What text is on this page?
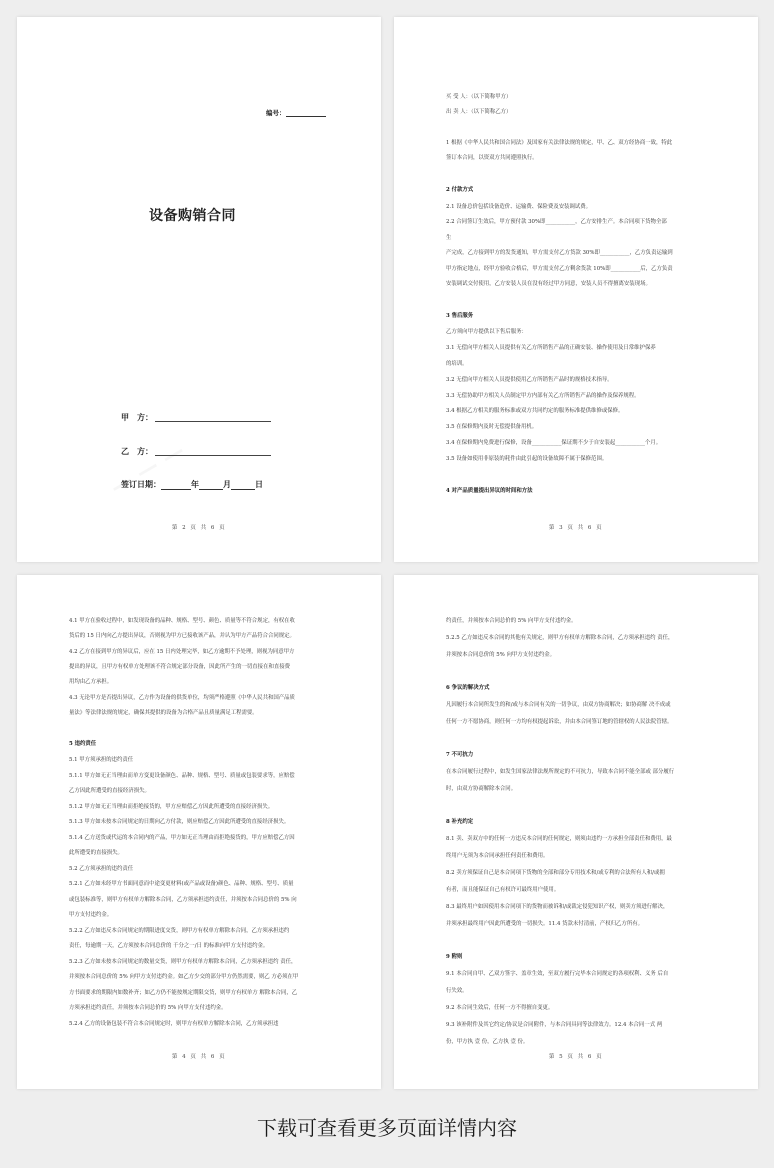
编号：
设备购销合同
甲　方：
乙　方：
签订日期：	年	月	日
第 2 页 共 6 页
买 受 人：（以下简称甲方）
出 卖 人：（以下简称乙方）
1 根据《中华人民共和国合同法》及国家有关法律法规的规定，甲、乙、双方经协商一致，特此
签订本合同，以资双方共同遵照执行。
2 付款方式
2.1 设备总价包括设备造价、运输费、保险费及安装调试费。
2.2 合同签订生效后，甲方预付款 30%即___________，乙方安排生产。本合同项下货物全部
生
产完成，乙方接到甲方的发货通知，甲方需支付乙方货款 30%即___________，乙方负责运输到
甲方指定地点，经甲方验收合格后，甲方需支付乙方剩余货款 10%即___________后，乙方负责
安装调试交付使用，乙方安装人员在没有经过甲方同意，安装人员不得擅离安装现场。
3 售后服务
乙方须向甲方提供以下售后服务：
3.1 无偿向甲方相关人员提供有关乙方所销售产品的正确安装、操作使用及日常维护保养
的培训。
3.2 无偿向甲方相关人员提供使用乙方所销售产品时的规格技术指导。
3.3 无偿协助甲方相关人员制定甲方内部有关乙方所销售产品的操作及保养规程。
3.4 根据乙方相关的服务标准或双方共同约定的服务标准提供维修或保修。
3.5 在保修期内及时无偿提供备用机。
3.4 在保修期内免费进行保修，设备___________保证期不少于自安装起___________个月。
3.5 设备如使用非原装的耗件由此引起的设备故障不属于保修范围。
4 对产品质量提出异议的时间和方法
第 3 页 共 6 页
4.1 甲方在验收过程中，如发现设备的品种、规格、型号、颜色、质量等不符合规定，有权在收
货后的 15 日内向乙方提出异议，否则视为甲方已接收该产品，并认为甲方产品符合合同规定。
4.2 乙方在接到甲方的异议后，应在 15 日内处理完毕，如乙方逾期不予处理，则视为同意甲方
提出的异议，且甲方有权单方处理该不符合规定部分设备，因此所产生的一切直接在和直接费
用均由乙方承担。
4.3 无论甲方是否提出异议，乙方作为设备的供货单位，均须严格遵照《中华人民共和国产品质
量法》等法律法规的规定，确保其提供的设备为合格产品且质量满足工程需要。
5 违约责任
5.1 甲方须承担的违约责任
5.1.1 甲方如无正当理由而单方变更设备颜色、品种、规格、型号、质量或包装要求等，应赔偿
乙方因此所遭受的直接经济损失。
5.1.2 甲方如无正当理由而拒绝接货的，甲方应赔偿乙方因此所遭受的直接经济损失。
5.1.3 甲方如未按本合同规定的日期向乙方付款，则应赔偿乙方因此所遭受的直接经济损失。
5.1.4 乙方送货或代运的本合同内的产品，甲方如无正当理由而拒绝接货的，甲方应赔偿乙方因
此所遭受的直接损失。
5.2 乙方须承担的违约责任
5.2.1 乙方如未经甲方书面同意而中途变更材料(或产品或设备)颜色、品种、规格、型号、质量
或包装标准等，则甲方有权单方解除本合同，乙方须承担违约责任，并须按本合同总价的 5% 向
甲方支付违约金。
5.2.2 乙方如违反本合同规定的期限进度交货，则甲方有权单方解除本合同，乙方须承担违约
责任，每逾期一天，乙方须按本合同总价的 千分之一/日 的标准向甲方支付违约金。
5.2.3 乙方如未按本合同规定的数量交货，则甲方有权单方解除本合同，乙方须承担违约 责任，
并须按本合同总价的 5% 向甲方支付违约金。如乙方少交的部分甲方仍然需要，则乙 方必须在甲
方书面要求的期限内如数补齐；如乙方仍不能按规定期限交货，则甲方有权单方 解除本合同，乙
方须承担违约责任，并须按本合同总价的 5% 向甲方支付违约金。
5.2.4 乙方的设备包装不符合本合同规定时，则甲方有权单方解除本合同，乙方须承担违
第 4 页 共 6 页
约责任，并须按本合同总价的 5% 向甲方支付违约金。
5.2.5 乙方如违反本合同的其他有关规定，则甲方有权单方解除本合同，乙方须承担违约 责任，
并须按本合同总价的 5% 向甲方支付违约金。
6 争议的解决方式
凡因履行本合同所发生的和/或与本合同有关的一切争议，由双方协商解决；如协商解 决不成或
任何一方不愿协商，则任何一方均有权提起诉讼，并由本合同签订地的管辖权的人民法院管辖。
7 不可抗力
在本合同履行过程中，如发生国家法律法规所规定的不可抗力，导致本合同不能全部或 部分履行
时，由双方协商解除本合同。
8 补充约定
8.1 卖、卖双方中的任何一方违反本合同的任何规定，则须由违约一方承担全部责任和费用，最
终用户无须为本合同承担任何责任和费用。
8.2 卖方须保证自己是本合同项下货物的全部和部分专用技术和/或专利的合法所有人和/或拥
有者，而且能保证自己有权许可最终用户使用。
8.3 最终用户如因使用本合同项下的货物而被诉和/或裁定侵犯知识产权，则卖方须进行解决，
并须承担最终用户因此所遭受的一切损失。11.4 货款未付清前，产权归乙方所有。
9 附则
9.1 本合同自甲、乙双方签字、盖章生效，至双方履行完毕本合同规定的各项权利、义务 后自
行失效。
9.2 本合同生效后，任何一方不得擅自变更。
9.3 该补附件及其它约定/协议是合同附件，与本合同具同等法律效力。12.4 本合同一式 两
份，甲方执 壹 份，乙方执 壹 份。
第 5 页 共 6 页
下载可查看更多页面详情内容
